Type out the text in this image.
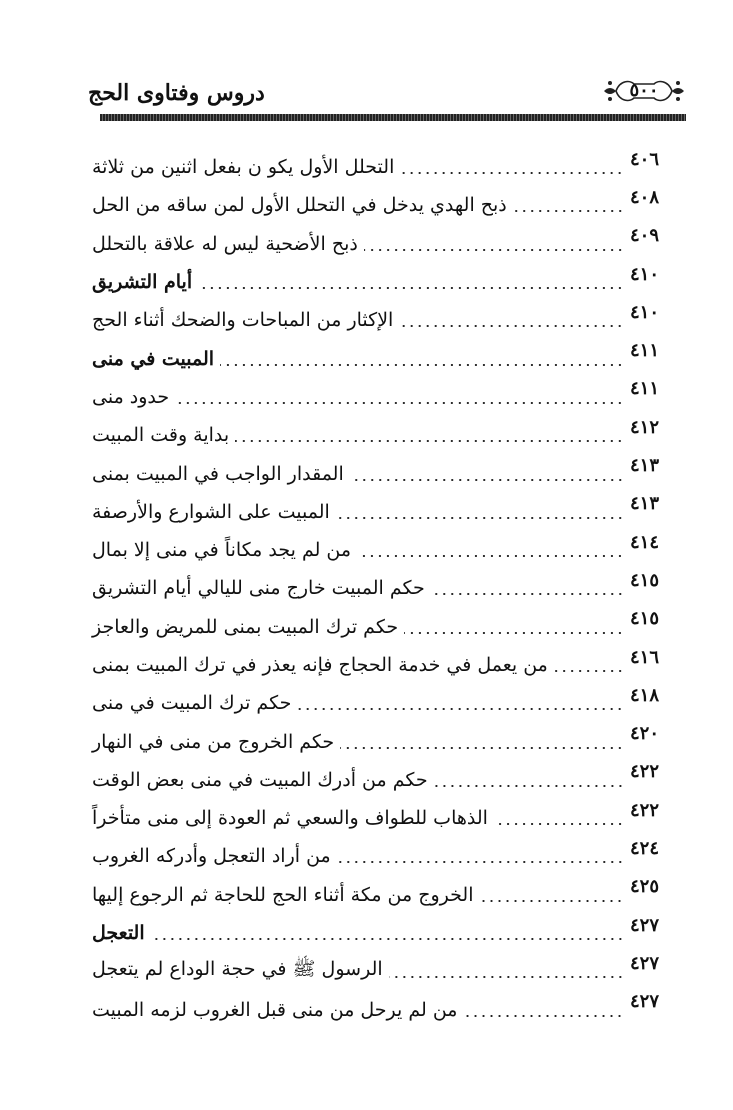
دروس وفتاوى الحج	٥٠٠
التحلل الأول يكو ن بفعل اثنين من ثلاثة	٤٠٦
ذبح الهدي يدخل في التحلل الأول لمن ساقه من الحل	٤٠٨
ذبح الأضحية ليس له علاقة بالتحلل	٤٠٩
أيام التشريق	٤١٠
الإكثار من المباحات والضحك أثناء الحج	٤١٠
المبيت في منى	٤١١
حدود منى	٤١١
بداية وقت المبيت	٤١٢
المقدار الواجب في المبيت بمنى	٤١٣
المبيت على الشوارع والأرصفة	٤١٣
من لم يجد مكاناً في منى إلا بمال	٤١٤
حكم المبيت خارج منى لليالي أيام التشريق	٤١٥
حكم ترك المبيت بمنى للمريض والعاجز	٤١٥
من يعمل في خدمة الحجاج فإنه يعذر في ترك المبيت بمنى	٤١٦
حكم ترك المبيت في منى	٤١٨
حكم الخروج من منى في النهار	٤٢٠
حكم من أدرك المبيت في منى بعض الوقت	٤٢٢
الذهاب للطواف والسعي ثم العودة إلى منى متأخراً	٤٢٢
من أراد التعجل وأدركه الغروب	٤٢٤
الخروج من مكة أثناء الحج للحاجة ثم الرجوع إليها	٤٢٥
التعجل	٤٢٧
الرسول ﷺ في حجة الوداع لم يتعجل	٤٢٧
من لم يرحل من منى قبل الغروب لزمه المبيت	٤٢٧
